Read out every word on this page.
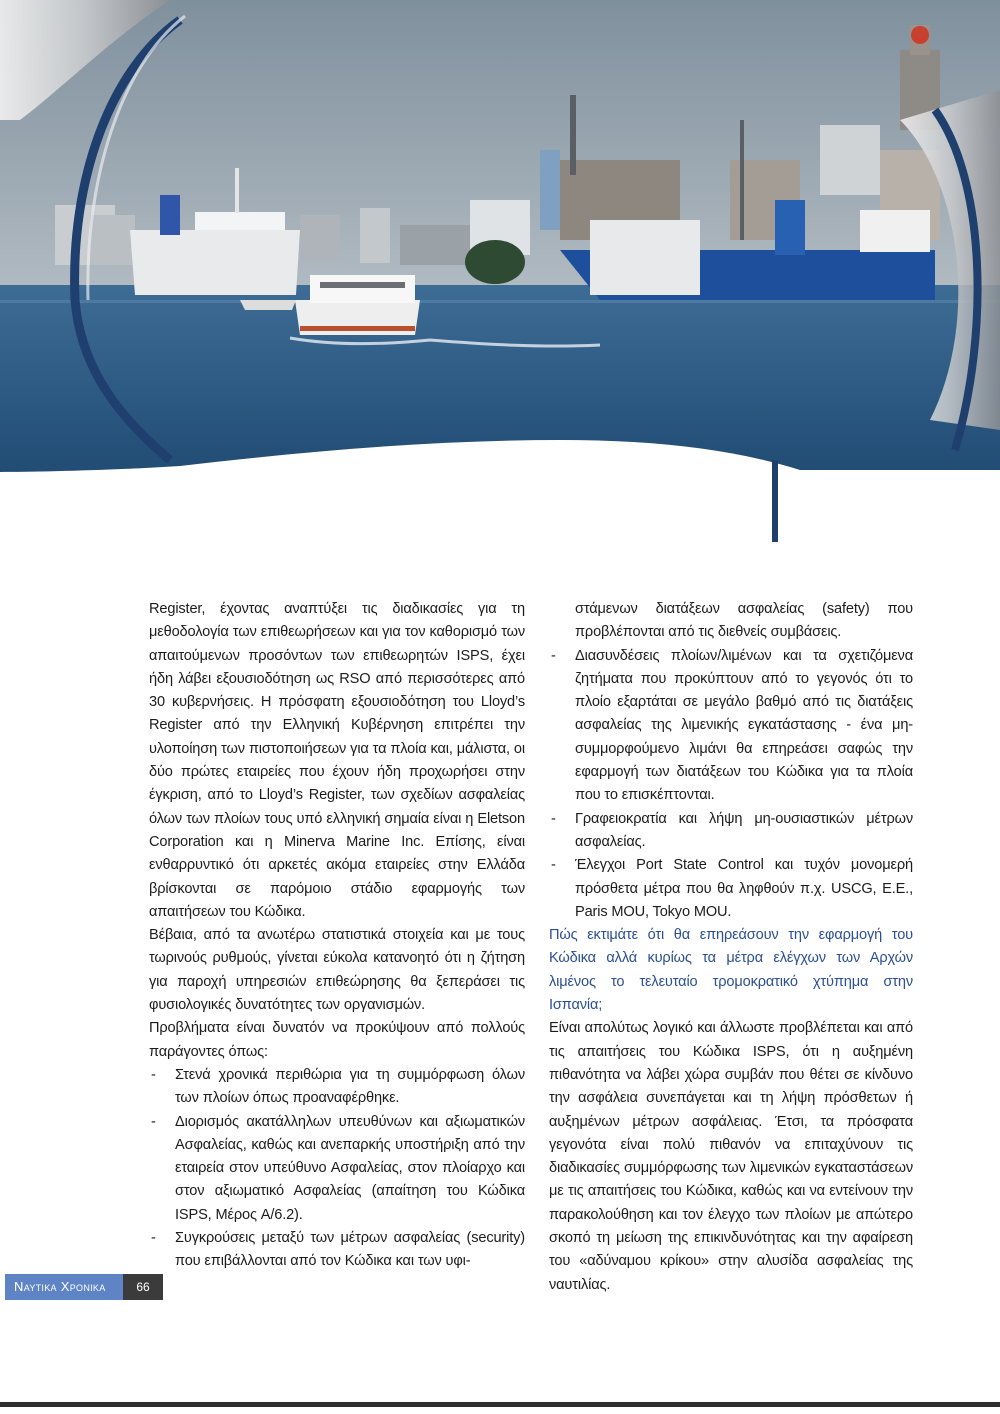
Register, έχοντας αναπτύξει τις διαδικασίες για τη μεθοδολογία των επιθεωρήσεων και για τον καθορισμό των απαιτούμενων προσόντων των επιθεωρητών ISPS, έχει ήδη λάβει εξουσιοδότηση ως RSO από περισσότερες από 30 κυβερνήσεις. Η πρόσφατη εξουσιοδότηση του Lloyd’s Register από την Ελληνική Κυβέρνηση επιτρέπει την υλοποίηση των πιστοποιήσεων για τα πλοία και, μάλιστα, οι δύο πρώτες εταιρείες που έχουν ήδη προχωρήσει στην έγκριση, από το Lloyd’s Register, των σχεδίων ασφαλείας όλων των πλοίων τους υπό ελληνική σημαία είναι η Eletson Corporation και η Minerva Marine Inc. Επίσης, είναι ενθαρρυντικό ότι αρκετές ακόμα εταιρείες στην Ελλάδα βρίσκονται σε παρόμοιο στάδιο εφαρμογής των απαιτήσεων του Κώδικα.

Βέβαια, από τα ανωτέρω στατιστικά στοιχεία και με τους τωρινούς ρυθμούς, γίνεται εύκολα κατανοητό ότι η ζήτηση για παροχή υπηρεσιών επιθεώρησης θα ξεπεράσει τις φυσιολογικές δυνατότητες των οργανισμών.

Προβλήματα είναι δυνατόν να προκύψουν από πολλούς παράγοντες όπως:

- Στενά χρονικά περιθώρια για τη συμμόρφωση όλων των πλοίων όπως προαναφέρθηκε.
- Διορισμός ακατάλληλων υπευθύνων και αξιωματικών Ασφαλείας, καθώς και ανεπαρκής υποστήριξη από την εταιρεία στον υπεύθυνο Ασφαλείας, στον πλοίαρχο και στον αξιωματικό Ασφαλείας (απαίτηση του Κώδικα ISPS, Μέρος A/6.2).
- Συγκρούσεις μεταξύ των μέτρων ασφαλείας (security) που επιβάλλονται από τον Κώδικα και των υφι-

στάμενων διατάξεων ασφαλείας (safety) που προβλέπονται από τις διεθνείς συμβάσεις.

- Διασυνδέσεις πλοίων/λιμένων και τα σχετιζόμενα ζητήματα που προκύπτουν από το γεγονός ότι το πλοίο εξαρτάται σε μεγάλο βαθμό από τις διατάξεις ασφαλείας της λιμενικής εγκατάστασης - ένα μη-συμμορφούμενο λιμάνι θα επηρεάσει σαφώς την εφαρμογή των διατάξεων του Κώδικα για τα πλοία που το επισκέπτονται.
- Γραφειοκρατία και λήψη μη-ουσιαστικών μέτρων ασφαλείας.
- Έλεγχοι Port State Control και τυχόν μονομερή πρόσθετα μέτρα που θα ληφθούν π.χ. USCG, E.E., Paris MOU, Tokyo MOU.

Πώς εκτιμάτε ότι θα επηρεάσουν την εφαρμογή του Κώδικα αλλά κυρίως τα μέτρα ελέγχων των Αρχών λιμένος το τελευταίο τρομοκρατικό χτύπημα στην Ισπανία;

Είναι απολύτως λογικό και άλλωστε προβλέπεται και από τις απαιτήσεις του Κώδικα ISPS, ότι η αυξημένη πιθανότητα να λάβει χώρα συμβάν που θέτει σε κίνδυνο την ασφάλεια συνεπάγεται και τη λήψη πρόσθετων ή αυξημένων μέτρων ασφάλειας. Έτσι, τα πρόσφατα γεγονότα είναι πολύ πιθανόν να επιταχύνουν τις διαδικασίες συμμόρφωσης των λιμενικών εγκαταστάσεων με τις απαιτήσεις του Κώδικα, καθώς και να εντείνουν την παρακολούθηση και τον έλεγχο των πλοίων με απώτερο σκοπό τη μείωση της επικινδυνότητας και την αφαίρεση του «αδύναμου κρίκου» στην αλυσίδα ασφαλείας της ναυτιλίας.

Ναυτικα Χρονικα	66
